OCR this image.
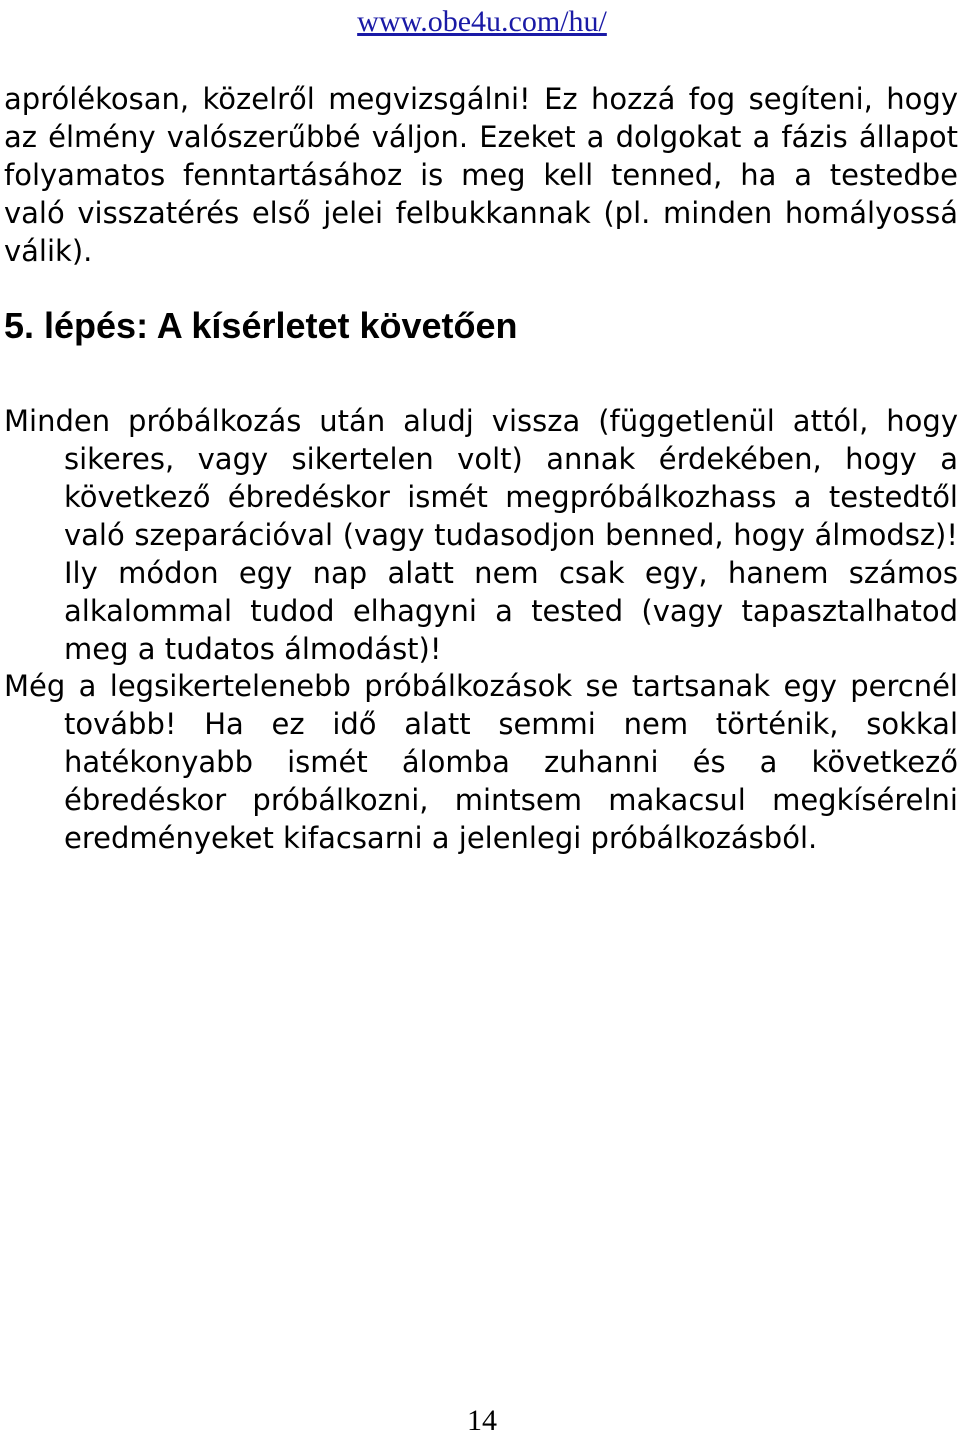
www.obe4u.com/hu/

aprólékosan, közelről megvizsgálni! Ez hozzá fog segíteni, hogy az élmény valószerűbbé váljon. Ezeket a dolgokat a fázis állapot folyamatos fenntartásához is meg kell tenned, ha a testedbe való visszatérés első jelei felbukkannak (pl. minden homályossá válik).

5. lépés: A kísérletet követően

Minden próbálkozás után aludj vissza (függetlenül attól, hogy sikeres, vagy sikertelen volt) annak érdekében, hogy a következő ébredéskor ismét megpróbálkozhass a testedtől való szeparációval (vagy tudasodjon benned, hogy álmodsz)! Ily módon egy nap alatt nem csak egy, hanem számos alkalommal tudod elhagyni a tested (vagy tapasztalhatod meg a tudatos álmodást)!

Még a legsikertelenebb próbálkozások se tartsanak egy percnél tovább! Ha ez idő alatt semmi nem történik, sokkal hatékonyabb ismét álomba zuhanni és a következő ébredéskor próbálkozni, mintsem makacsul megkísérelni eredményeket kifacsarni a jelenlegi próbálkozásból.

14
